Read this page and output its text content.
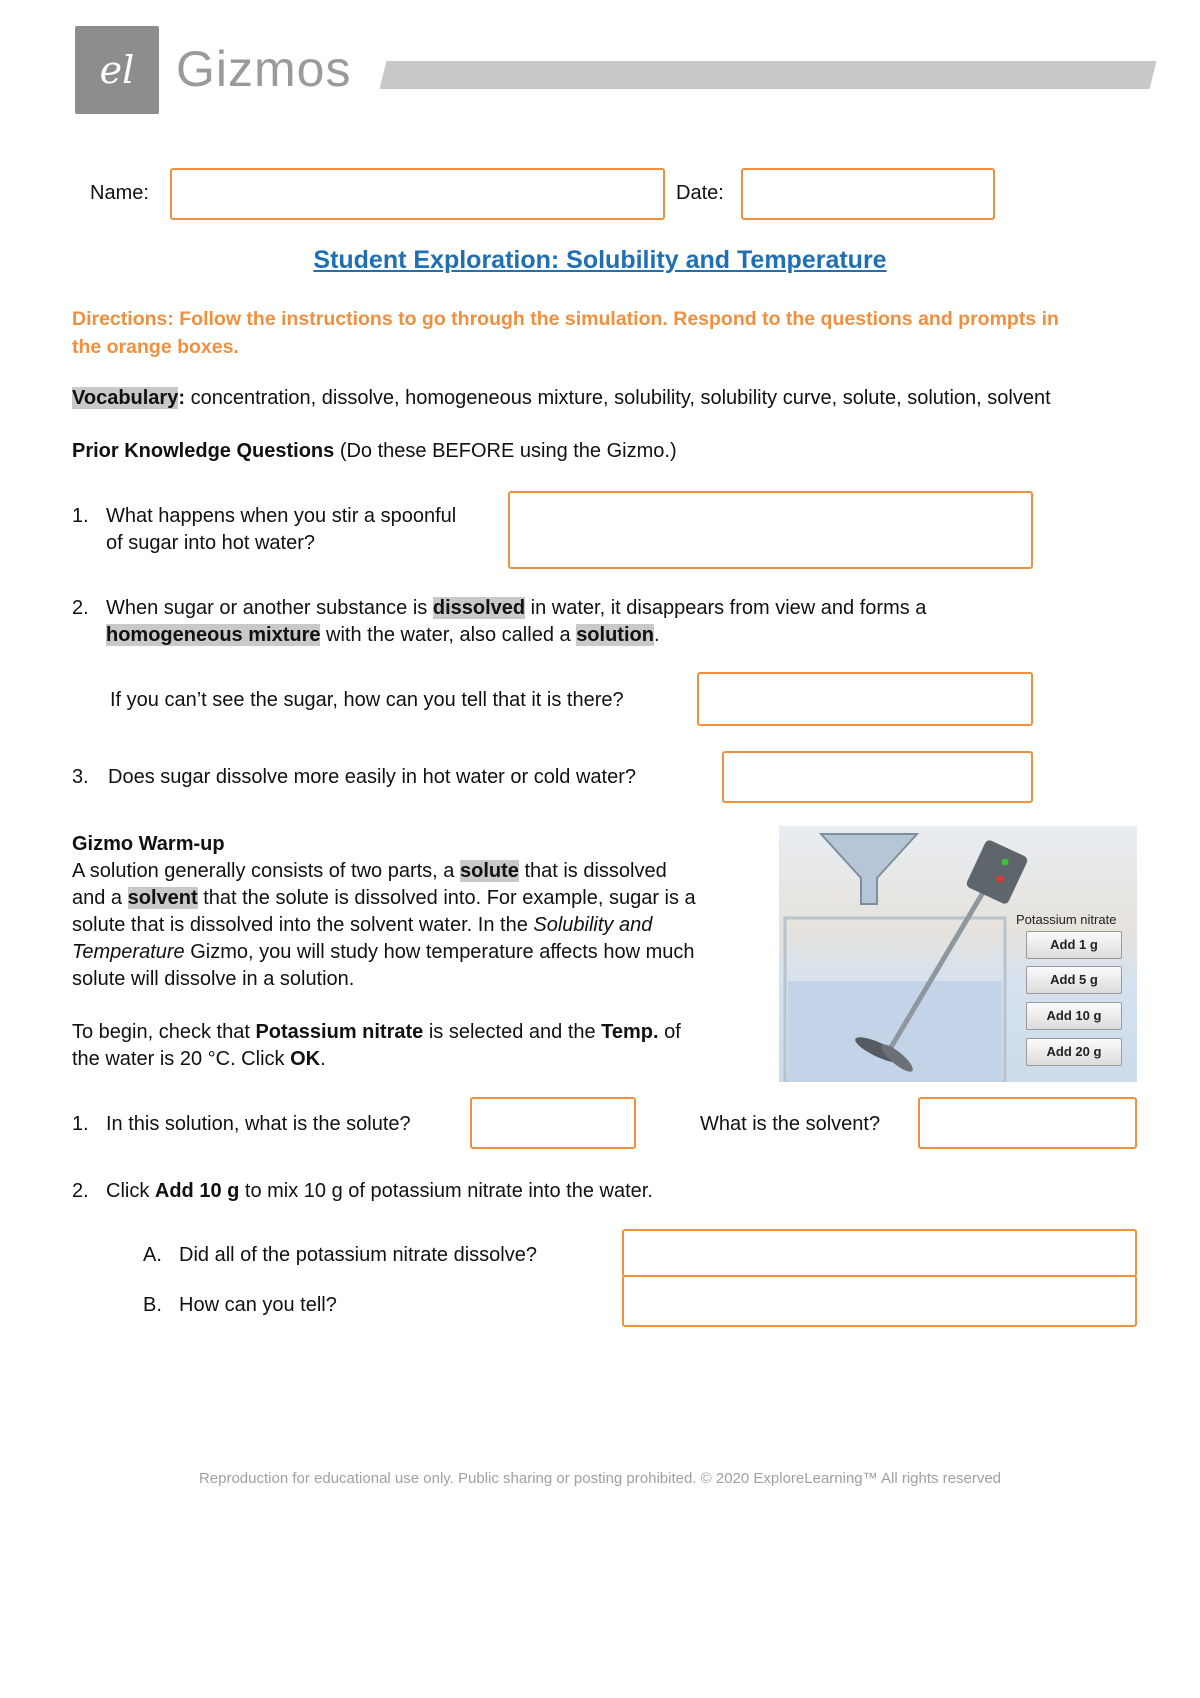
el Gizmos
Name:	Date:
Student Exploration: Solubility and Temperature
Directions: Follow the instructions to go through the simulation. Respond to the questions and prompts in the orange boxes.
Vocabulary: concentration, dissolve, homogeneous mixture, solubility, solubility curve, solute, solution, solvent
Prior Knowledge Questions (Do these BEFORE using the Gizmo.)
1. What happens when you stir a spoonful
of sugar into hot water?
2. When sugar or another substance is dissolved in water, it disappears from view and forms a
homogeneous mixture with the water, also called a solution.
If you can’t see the sugar, how can you tell that it is there?
3. Does sugar dissolve more easily in hot water or cold water?
Gizmo Warm-up
A solution generally consists of two parts, a solute that is dissolved
and a solvent that the solute is dissolved into. For example, sugar is a
solute that is dissolved into the solvent water. In the Solubility and
Temperature Gizmo, you will study how temperature affects how much
solute will dissolve in a solution.
To begin, check that Potassium nitrate is selected and the Temp. of
the water is 20 °C. Click OK.
Potassium nitrate
Add 1 g
Add 5 g
Add 10 g
Add 20 g
1. In this solution, what is the solute?	What is the solvent?
2. Click Add 10 g to mix 10 g of potassium nitrate into the water.
A. Did all of the potassium nitrate dissolve?
B. How can you tell?
Reproduction for educational use only. Public sharing or posting prohibited. © 2020 ExploreLearning™ All rights reserved
